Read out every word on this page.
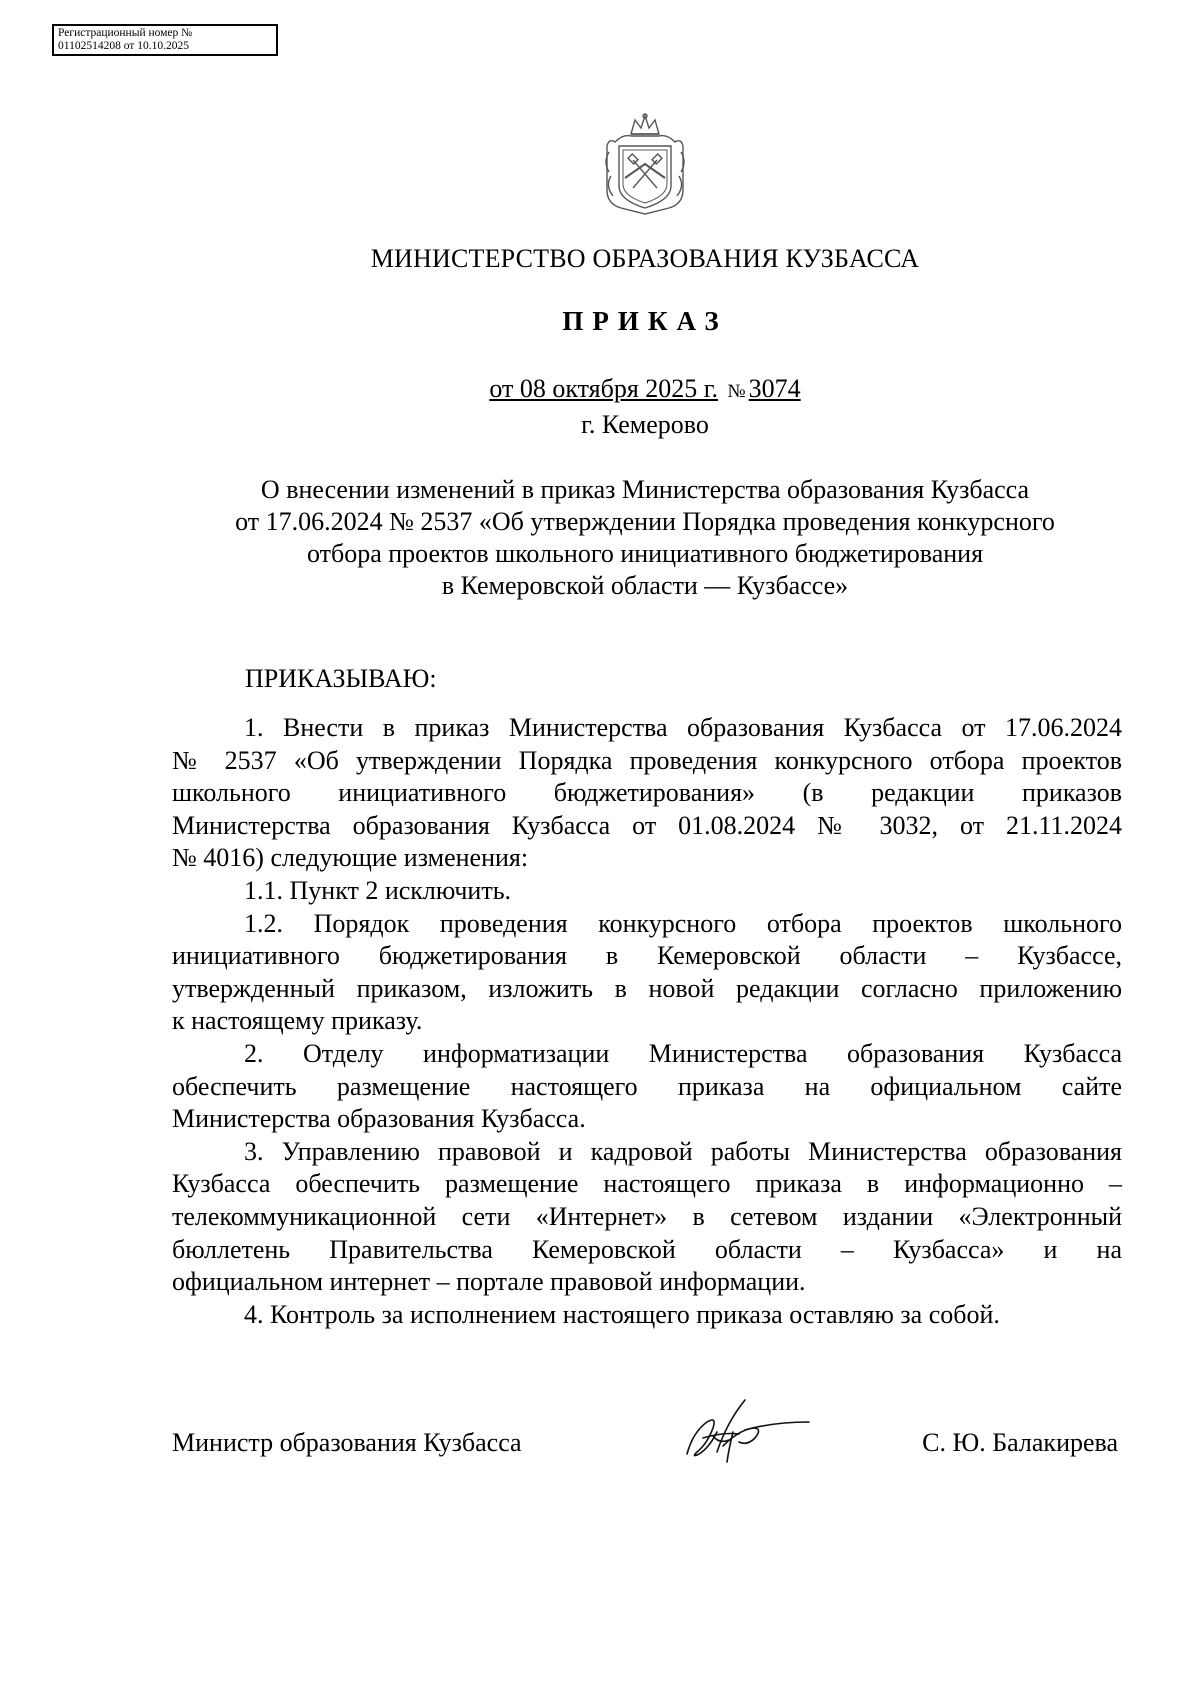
Регистрационный номер №
01102514208 от 10.10.2025
МИНИСТЕРСТВО ОБРАЗОВАНИЯ КУЗБАССА
ПРИКАЗ
от 08 октября 2025 г. № 3074
г. Кемерово
О внесении изменений в приказ Министерства образования Кузбасса
от 17.06.2024 № 2537 «Об утверждении Порядка проведения конкурсного
отбора проектов школьного инициативного бюджетирования
в Кемеровской области — Кузбассе»
ПРИКАЗЫВАЮ:
1. Внести в приказ Министерства образования Кузбасса от 17.06.2024
№ 2537 «Об утверждении Порядка проведения конкурсного отбора проектов
школьного инициативного бюджетирования» (в редакции приказов
Министерства образования Кузбасса от 01.08.2024 № 3032, от 21.11.2024
№ 4016) следующие изменения:
1.1. Пункт 2 исключить.
1.2. Порядок проведения конкурсного отбора проектов школьного
инициативного бюджетирования в Кемеровской области – Кузбассе,
утвержденный приказом, изложить в новой редакции согласно приложению
к настоящему приказу.
2. Отделу информатизации Министерства образования Кузбасса
обеспечить размещение настоящего приказа на официальном сайте
Министерства образования Кузбасса.
3. Управлению правовой и кадровой работы Министерства образования
Кузбасса обеспечить размещение настоящего приказа в информационно –
телекоммуникационной сети «Интернет» в сетевом издании «Электронный
бюллетень Правительства Кемеровской области – Кузбасса» и на
официальном интернет – портале правовой информации.
4. Контроль за исполнением настоящего приказа оставляю за собой.
Министр образования Кузбасса	С. Ю. Балакирева
